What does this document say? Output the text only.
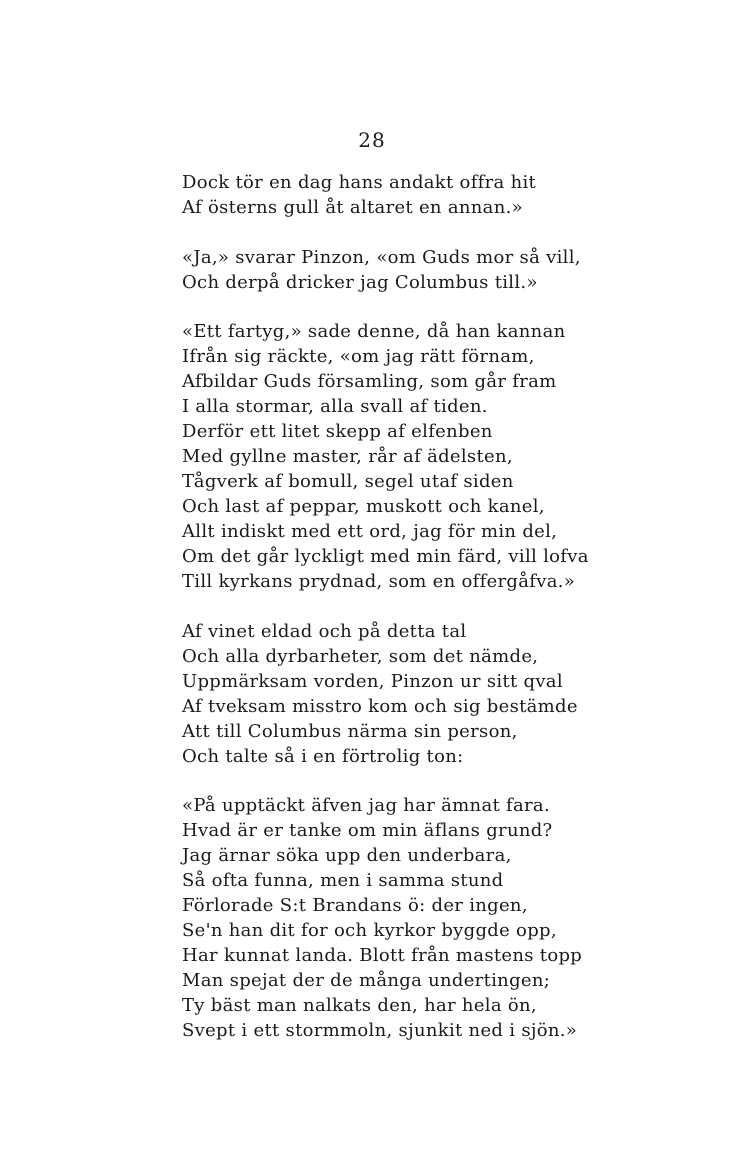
28
Dock tör en dag hans andakt offra hit
Af österns gull åt altaret en annan.»
«Ja,» svarar Pinzon, «om Guds mor så vill,
Och derpå dricker jag Columbus till.»
«Ett fartyg,» sade denne, då han kannan
Ifrån sig räckte, «om jag rätt förnam,
Afbildar Guds församling, som går fram
I alla stormar, alla svall af tiden.
Derför ett litet skepp af elfenben
Med gyllne master, rår af ädelsten,
Tågverk af bomull, segel utaf siden
Och last af peppar, muskott och kanel,
Allt indiskt med ett ord, jag för min del,
Om det går lyckligt med min färd, vill lofva
Till kyrkans prydnad, som en offergåfva.»
Af vinet eldad och på detta tal
Och alla dyrbarheter, som det nämde,
Uppmärksam vorden, Pinzon ur sitt qval
Af tveksam misstro kom och sig bestämde
Att till Columbus närma sin person,
Och talte så i en förtrolig ton:
«På upptäckt äfven jag har ämnat fara.
Hvad är er tanke om min äflans grund?
Jag ärnar söka upp den underbara,
Så ofta funna, men i samma stund
Förlorade S:t Brandans ö: der ingen,
Se'n han dit for och kyrkor byggde opp,
Har kunnat landa. Blott från mastens topp
Man spejat der de många undertingen;
Ty bäst man nalkats den, har hela ön,
Svept i ett stormmoln, sjunkit ned i sjön.»
